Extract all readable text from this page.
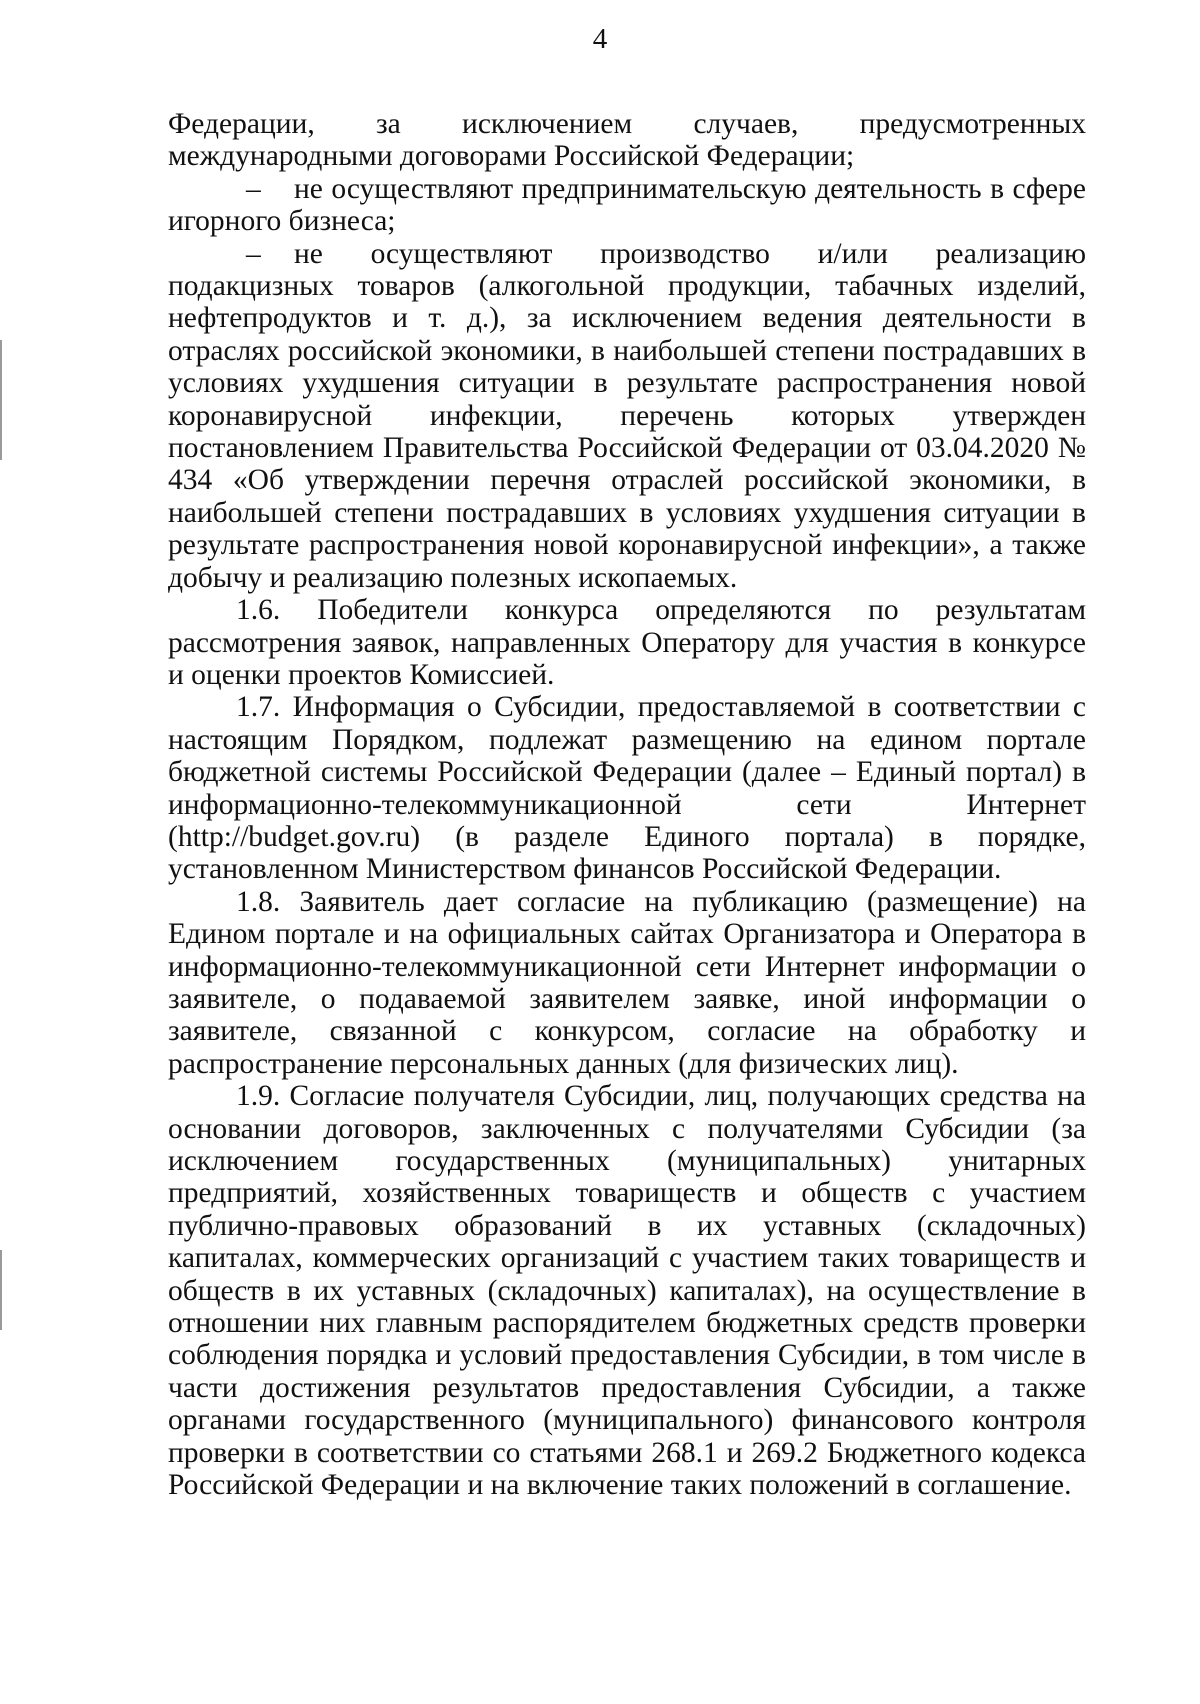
4

Федерации, за исключением случаев, предусмотренных международными договорами Российской Федерации;

– не осуществляют предпринимательскую деятельность в сфере игорного бизнеса;

– не осуществляют производство и/или реализацию подакцизных товаров (алкогольной продукции, табачных изделий, нефтепродуктов и т. д.), за исключением ведения деятельности в отраслях российской экономики, в наибольшей степени пострадавших в условиях ухудшения ситуации в результате распространения новой коронавирусной инфекции, перечень которых утвержден постановлением Правительства Российской Федерации от 03.04.2020 № 434 «Об утверждении перечня отраслей российской экономики, в наибольшей степени пострадавших в условиях ухудшения ситуации в результате распространения новой коронавирусной инфекции», а также добычу и реализацию полезных ископаемых.

1.6. Победители конкурса определяются по результатам рассмотрения заявок, направленных Оператору для участия в конкурсе и оценки проектов Комиссией.

1.7. Информация о Субсидии, предоставляемой в соответствии с настоящим Порядком, подлежат размещению на едином портале бюджетной системы Российской Федерации (далее – Единый портал) в информационно-телекоммуникационной сети Интернет (http://budget.gov.ru) (в разделе Единого портала) в порядке, установленном Министерством финансов Российской Федерации.

1.8. Заявитель дает согласие на публикацию (размещение) на Едином портале и на официальных сайтах Организатора и Оператора в информационно-телекоммуникационной сети Интернет информации о заявителе, о подаваемой заявителем заявке, иной информации о заявителе, связанной с конкурсом, согласие на обработку и распространение персональных данных (для физических лиц).

1.9. Согласие получателя Субсидии, лиц, получающих средства на основании договоров, заключенных с получателями Субсидии (за исключением государственных (муниципальных) унитарных предприятий, хозяйственных товариществ и обществ с участием публично-правовых образований в их уставных (складочных) капиталах, коммерческих организаций с участием таких товариществ и обществ в их уставных (складочных) капиталах), на осуществление в отношении них главным распорядителем бюджетных средств проверки соблюдения порядка и условий предоставления Субсидии, в том числе в части достижения результатов предоставления Субсидии, а также органами государственного (муниципального) финансового контроля проверки в соответствии со статьями 268.1 и 269.2 Бюджетного кодекса Российской Федерации и на включение таких положений в соглашение.
